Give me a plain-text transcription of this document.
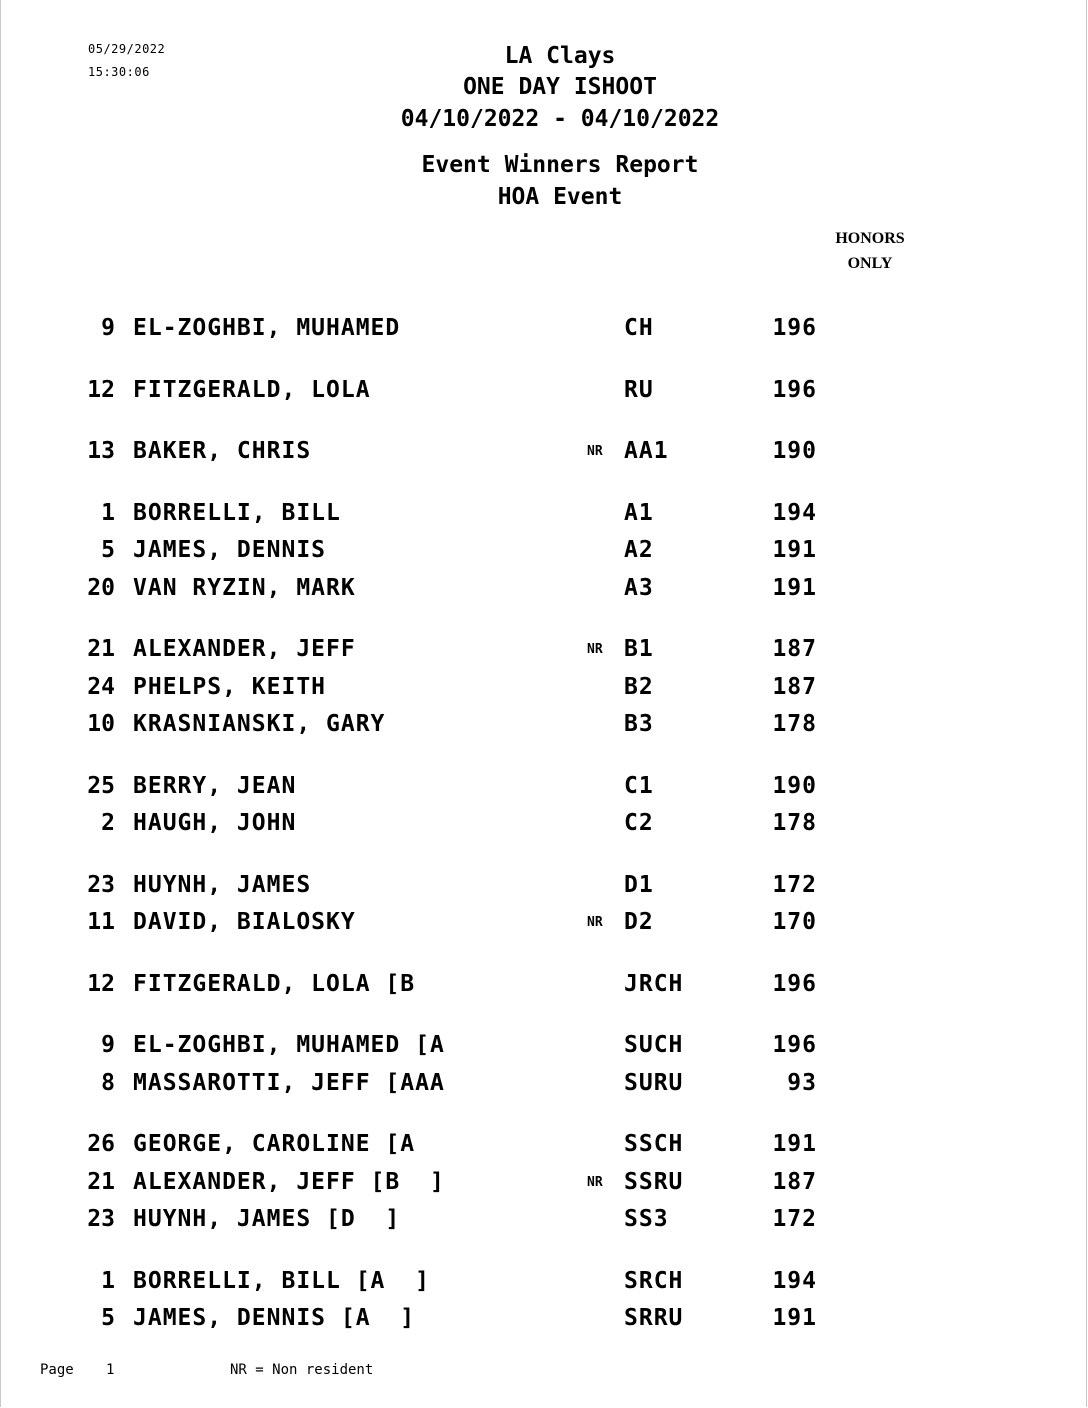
05/29/2022
15:30:06
LA Clays
ONE DAY ISHOOT
04/10/2022 - 04/10/2022
Event Winners Report
HOA Event
HONORS
ONLY
9 EL-ZOGHBI, MUHAMED	CH	196
12 FITZGERALD, LOLA	RU	196
13 BAKER, CHRIS	NR AA1	190
1 BORRELLI, BILL	A1	194
5 JAMES, DENNIS	A2	191
20 VAN RYZIN, MARK	A3	191
21 ALEXANDER, JEFF	NR B1	187
24 PHELPS, KEITH	B2	187
10 KRASNIANSKI, GARY	B3	178
25 BERRY, JEAN	C1	190
2 HAUGH, JOHN	C2	178
23 HUYNH, JAMES	D1	172
11 DAVID, BIALOSKY	NR D2	170
12 FITZGERALD, LOLA [B	JRCH	196
9 EL-ZOGHBI, MUHAMED [A	SUCH	196
8 MASSAROTTI, JEFF [AAA	SURU	93
26 GEORGE, CAROLINE [A	SSCH	191
21 ALEXANDER, JEFF [B  ]	NR SSRU	187
23 HUYNH, JAMES [D  ]	SS3	172
1 BORRELLI, BILL [A  ]	SRCH	194
5 JAMES, DENNIS [A  ]	SRRU	191
Page 1	NR = Non resident
